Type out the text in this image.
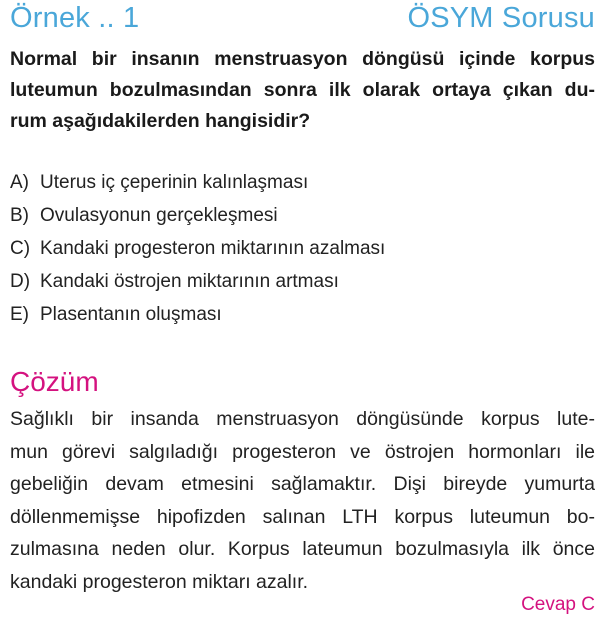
Örnek .. 1	ÖSYM Sorusu
Normal bir insanın menstruasyon döngüsü içinde korpus
luteumun bozulmasından sonra ilk olarak ortaya çıkan du-
rum aşağıdakilerden hangisidir?
A) Uterus iç çeperinin kalınlaşması
B) Ovulasyonun gerçekleşmesi
C) Kandaki progesteron miktarının azalması
D) Kandaki östrojen miktarının artması
E) Plasentanın oluşması
Çözüm
Sağlıklı bir insanda menstruasyon döngüsünde korpus lute-
mun görevi salgıladığı progesteron ve östrojen hormonları ile
gebeliğin devam etmesini sağlamaktır. Dişi bireyde yumurta
döllenmemişse hipofizden salınan LTH korpus luteumun bo-
zulmasına neden olur. Korpus lateumun bozulmasıyla ilk önce
kandaki progesteron miktarı azalır.
Cevap C
